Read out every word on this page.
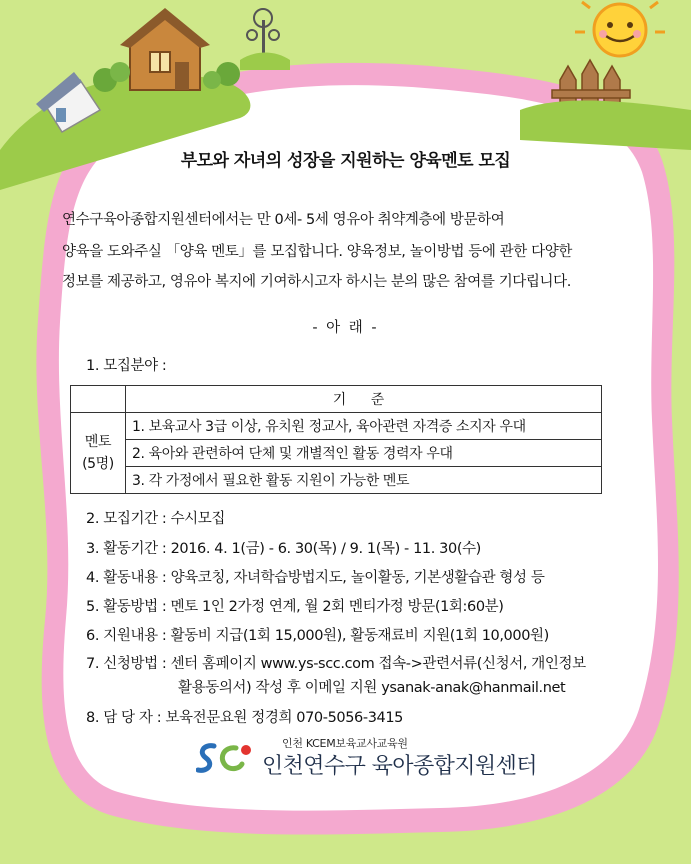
부모와 자녀의 성장을 지원하는 양육멘토 모집
연수구육아종합지원센터에서는 만 0세- 5세 영유아 취약계층에 방문하여
양육을 도와주실 「양육 멘토」를 모집합니다. 양육정보, 놀이방법 등에 관한 다양한
정보를 제공하고, 영유아 복지에 기여하시고자 하시는 분의 많은 참여를 기다립니다.
- 아 래 -
1. 모집분야 :
	기 준
멘토
(5명)	1. 보육교사 3급 이상, 유치원 정교사, 육아관련 자격증 소지자 우대
	2. 육아와 관련하여 단체 및 개별적인 활동 경력자 우대
	3. 각 가정에서 필요한 활동 지원이 가능한 멘토
2. 모집기간 : 수시모집
3. 활동기간 : 2016. 4. 1(금) - 6. 30(목) / 9. 1(목) - 11. 30(수)
4. 활동내용 : 양육코칭, 자녀학습방법지도, 놀이활동, 기본생활습관 형성 등
5. 활동방법 : 멘토 1인 2가정 연계, 월 2회 멘티가정 방문(1회:60분)
6. 지원내용 : 활동비 지급(1회 15,000원), 활동재료비 지원(1회 10,000원)
7. 신청방법 : 센터 홈페이지 www.ys-scc.com 접속->관련서류(신청서, 개인정보
활용동의서) 작성 후 이메일 지원 ysanak-anak@hanmail.net
8. 담 당 자 : 보육전문요원 정경희 070-5056-3415
인천 KCEM보육교사교육원
인천연수구 육아종합지원센터
